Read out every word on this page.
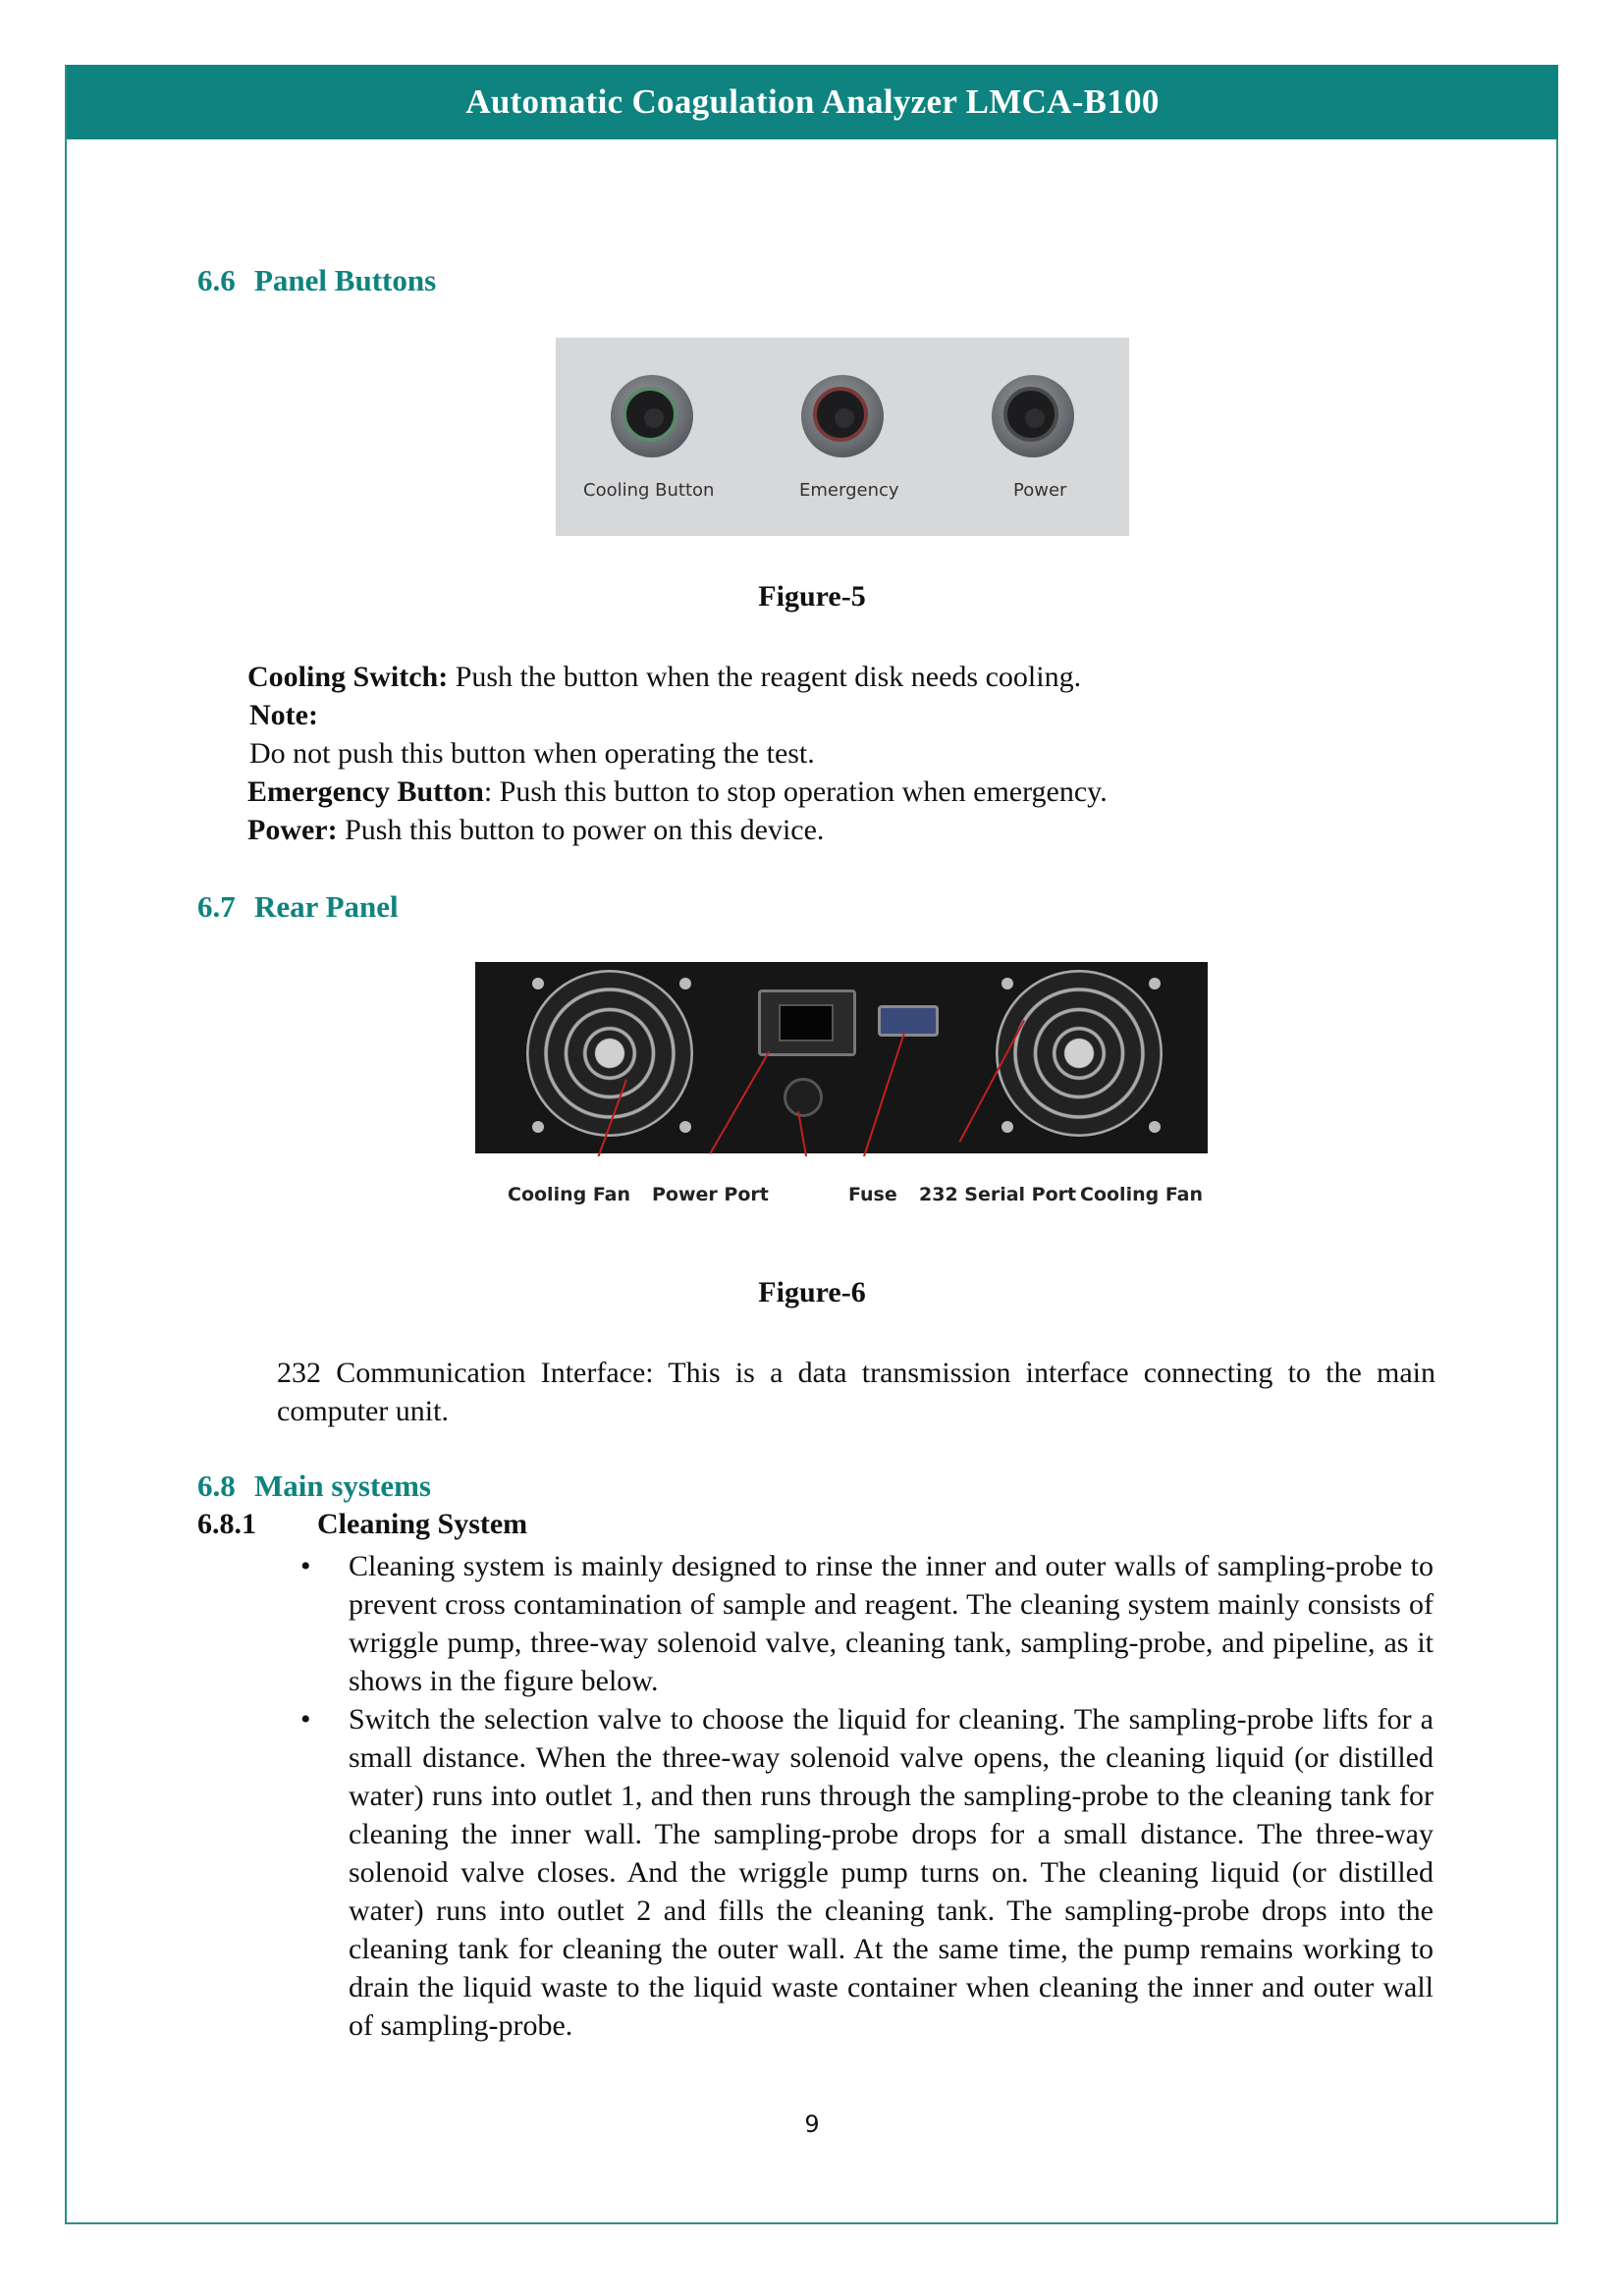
Automatic Coagulation Analyzer LMCA-B100
6.6 Panel Buttons
Cooling Button	Emergency	Power
Figure-5
Cooling Switch: Push the button when the reagent disk needs cooling.
Note:
Do not push this button when operating the test.
Emergency Button: Push this button to stop operation when emergency.
Power: Push this button to power on this device.
6.7 Rear Panel
Cooling Fan Power Port	Fuse 232 Serial Port Cooling Fan
Figure-6
232 Communication Interface: This is a data transmission interface connecting to the main computer unit.
6.8 Main systems
6.8.1 Cleaning System
• Cleaning system is mainly designed to rinse the inner and outer walls of sampling-probe to prevent cross contamination of sample and reagent. The cleaning system mainly consists of wriggle pump, three-way solenoid valve, cleaning tank, sampling-probe, and pipeline, as it shows in the figure below.
• Switch the selection valve to choose the liquid for cleaning. The sampling-probe lifts for a small distance. When the three-way solenoid valve opens, the cleaning liquid (or distilled water) runs into outlet 1, and then runs through the sampling-probe to the cleaning tank for cleaning the inner wall. The sampling-probe drops for a small distance. The three-way solenoid valve closes. And the wriggle pump turns on. The cleaning liquid (or distilled water) runs into outlet 2 and fills the cleaning tank. The sampling-probe drops into the cleaning tank for cleaning the outer wall. At the same time, the pump remains working to drain the liquid waste to the liquid waste container when cleaning the inner and outer wall of sampling-probe.
9
